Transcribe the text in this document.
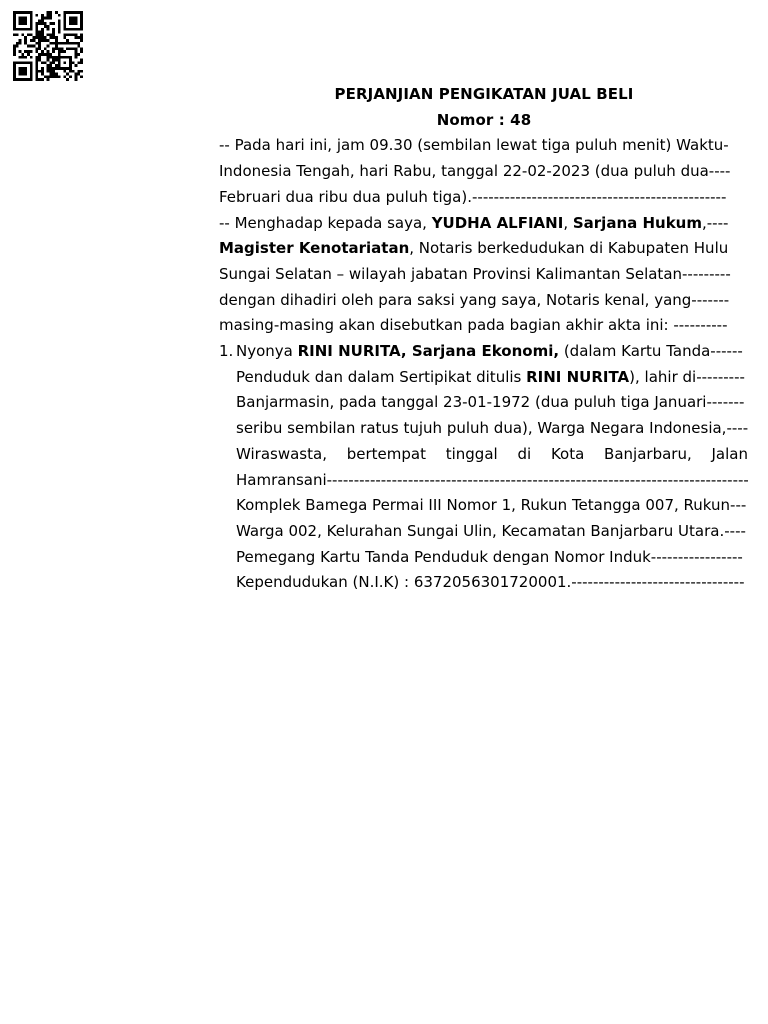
PERJANJIAN PENGIKATAN JUAL BELI
Nomor : 48
-- Pada hari ini, jam 09.30 (sembilan lewat tiga puluh menit) Waktu-
Indonesia Tengah, hari Rabu, tanggal 22-02-2023 (dua puluh dua----
Februari dua ribu dua puluh tiga).-----------------------------------------------
-- Menghadap kepada saya, YUDHA ALFIANI, Sarjana Hukum,----
Magister Kenotariatan, Notaris berkedudukan di Kabupaten Hulu
Sungai Selatan – wilayah jabatan Provinsi Kalimantan Selatan---------
dengan dihadiri oleh para saksi yang saya, Notaris kenal, yang-------
masing-masing akan disebutkan pada bagian akhir akta ini: ----------
1. Nyonya RINI NURITA, Sarjana Ekonomi, (dalam Kartu Tanda------
Penduduk dan dalam Sertipikat ditulis RINI NURITA), lahir di---------
Banjarmasin, pada tanggal 23-01-1972 (dua puluh tiga Januari-------
seribu sembilan ratus tujuh puluh dua), Warga Negara Indonesia,----
Wiraswasta, bertempat tinggal di Kota Banjarbaru, Jalan
Hamransani -----
Komplek Bamega Permai III Nomor 1, Rukun Tetangga 007, Rukun---
Warga 002, Kelurahan Sungai Ulin, Kecamatan Banjarbaru Utara.----
Pemegang Kartu Tanda Penduduk dengan Nomor Induk-----------------
Kependudukan (N.I.K) : 6372056301720001.--------------------------------
